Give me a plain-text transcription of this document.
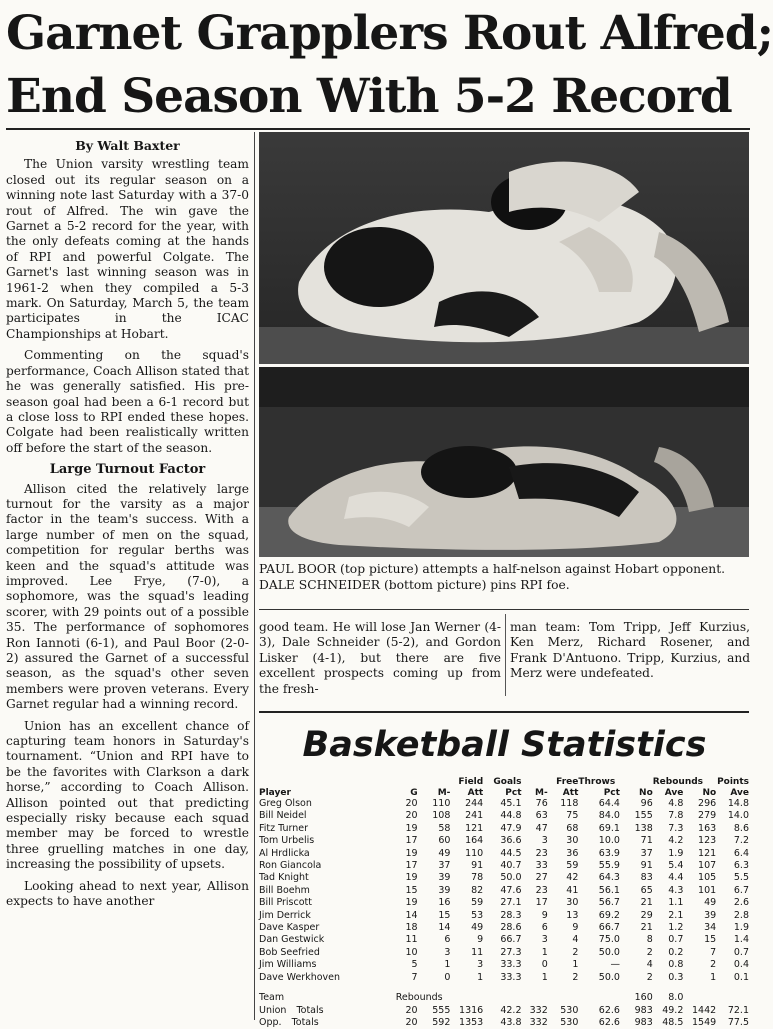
Garnet Grapplers Rout Alfred;
End Season With 5-2 Record
By Walt Baxter

The Union varsity wrestling team closed out its regular season on a winning note last Saturday with a 37-0 rout of Alfred. The win gave the Garnet a 5-2 record for the year, with the only defeats coming at the hands of RPI and powerful Colgate. The Garnet's last winning season was in 1961-2 when they compiled a 5-3 mark. On Saturday, March 5, the team participates in the ICAC Championships at Hobart.

Commenting on the squad's performance, Coach Allison stated that he was generally satisfied. His pre-season goal had been a 6-1 record but a close loss to RPI ended these hopes. Colgate had been realistically written off before the start of the season.

Large Turnout Factor

Allison cited the relatively large turnout for the varsity as a major factor in the team's success. With a large number of men on the squad, competition for regular berths was keen and the squad's attitude was improved. Lee Frye, (7-0), a sophomore, was the squad's leading scorer, with 29 points out of a possible 35. The performance of sophomores Ron Iannoti (6-1), and Paul Boor (2-0-2) assured the Garnet of a successful season, as the squad's other seven members were proven veterans. Every Garnet regular had a winning record.

Union has an excellent chance of capturing team honors in Saturday's tournament. “Union and RPI have to be the favorites with Clarkson a dark horse,” according to Coach Allison. Allison pointed out that predicting especially risky because each squad member may be forced to wrestle three gruelling matches in one day, increasing the possibility of upsets.

Looking ahead to next year, Allison expects to have another

PAUL BOOR (top picture) attempts a half-nelson against Hobart opponent. DALE SCHNEIDER (bottom picture) pins RPI foe.

good team. He will lose Jan Werner (4-3), Dale Schneider (5-2), and Gordon Lisker (4-1), but there are five excellent prospects coming up from the fresh-

man team: Tom Tripp, Jeff Kurzius, Ken Merz, Richard Rosener, and Frank D'Antuono. Tripp, Kurzius, and Merz were undefeated.

Basketball Statistics
			Field	Goals		Free	Throws		Rebounds		Points
Player	G	M-	Att	Pct	M-	Att	Pct	No	Ave	No	Ave
Greg Olson	20	110	244	45.1	76	118	64.4	96	4.8	296	14.8
Bill Neidel	20	108	241	44.8	63	75	84.0	155	7.8	279	14.0
Fitz Turner	19	58	121	47.9	47	68	69.1	138	7.3	163	8.6
Tom Urbelis	17	60	164	36.6	3	30	10.0	71	4.2	123	7.2
Al Hrdlicka	19	49	110	44.5	23	36	63.9	37	1.9	121	6.4
Ron Giancola	17	37	91	40.7	33	59	55.9	91	5.4	107	6.3
Tad Knight	19	39	78	50.0	27	42	64.3	83	4.4	105	5.5
Bill Boehm	15	39	82	47.6	23	41	56.1	65	4.3	101	6.7
Bill Priscott	19	16	59	27.1	17	30	56.7	21	1.1	49	2.6
Jim Derrick	14	15	53	28.3	9	13	69.2	29	2.1	39	2.8
Dave Kasper	18	14	49	28.6	6	9	66.7	21	1.2	34	1.9
Dan Gestwick	11	6	9	66.7	3	4	75.0	8	0.7	15	1.4
Bob Seefried	10	3	11	27.3	1	2	50.0	2	0.2	7	0.7
Jim Williams	5	1	3	33.3	0	1	—	4	0.8	2	0.4
Dave Werkhoven	7	0	1	33.3	1	2	50.0	2	0.3	1	0.1

Team	Rebounds							160	8.0		
Union Totals	20	555	1316	42.2	332	530	62.6	983	49.2	1442	72.1
Opp. Totals	20	592	1353	43.8	332	530	62.6	983	48.5	1549	77.5
